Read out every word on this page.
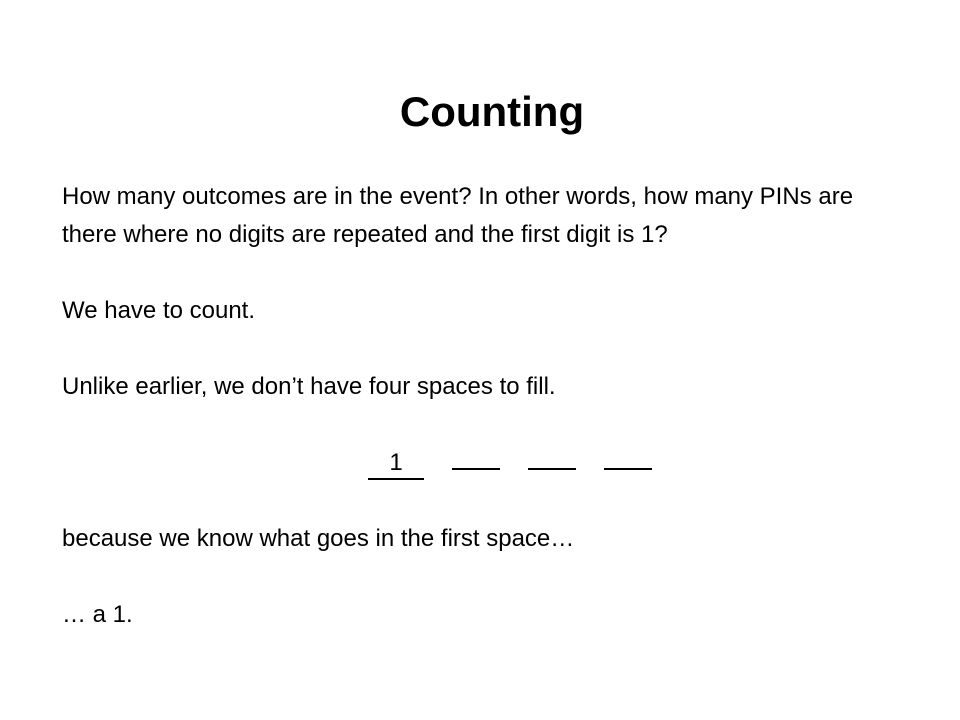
Counting

How many outcomes are in the event? In other words, how many PINs are there where no digits are repeated and the first digit is 1?

We have to count.

Unlike earlier, we don’t have four spaces to fill.

1

because we know what goes in the first space…

… a 1.
